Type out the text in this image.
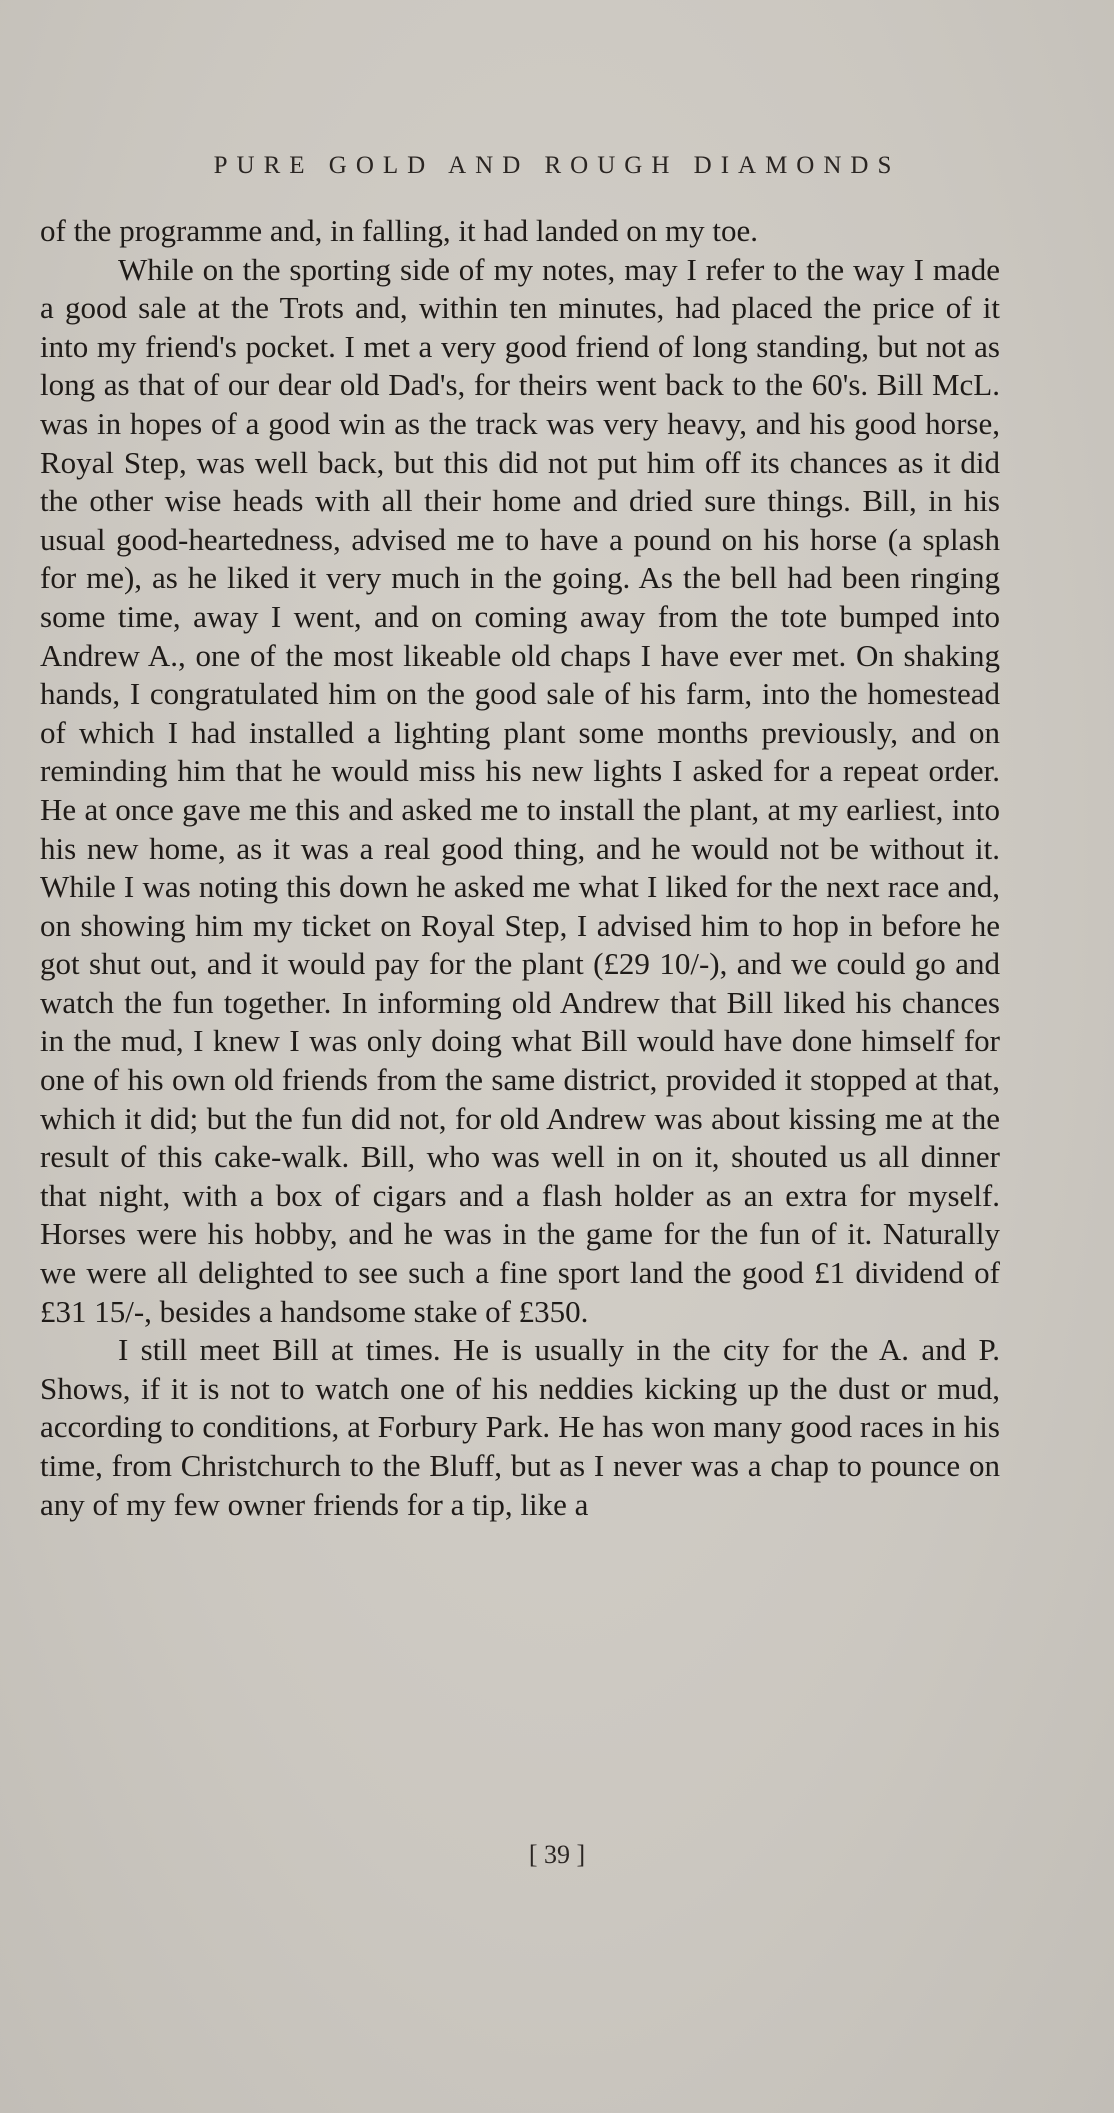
PURE GOLD AND ROUGH DIAMONDS

of the programme and, in falling, it had landed on my toe.

While on the sporting side of my notes, may I refer to the way I made a good sale at the Trots and, within ten minutes, had placed the price of it into my friend's pocket. I met a very good friend of long standing, but not as long as that of our dear old Dad's, for theirs went back to the 60's. Bill McL. was in hopes of a good win as the track was very heavy, and his good horse, Royal Step, was well back, but this did not put him off its chances as it did the other wise heads with all their home and dried sure things. Bill, in his usual good-heartedness, advised me to have a pound on his horse (a splash for me), as he liked it very much in the going. As the bell had been ringing some time, away I went, and on coming away from the tote bumped into Andrew A., one of the most likeable old chaps I have ever met. On shaking hands, I congratulated him on the good sale of his farm, into the homestead of which I had installed a lighting plant some months previously, and on reminding him that he would miss his new lights I asked for a repeat order. He at once gave me this and asked me to install the plant, at my earliest, into his new home, as it was a real good thing, and he would not be without it. While I was noting this down he asked me what I liked for the next race and, on showing him my ticket on Royal Step, I advised him to hop in before he got shut out, and it would pay for the plant (£29 10/-), and we could go and watch the fun together. In informing old Andrew that Bill liked his chances in the mud, I knew I was only doing what Bill would have done himself for one of his own old friends from the same district, provided it stopped at that, which it did; but the fun did not, for old Andrew was about kissing me at the result of this cake-walk. Bill, who was well in on it, shouted us all dinner that night, with a box of cigars and a flash holder as an extra for myself. Horses were his hobby, and he was in the game for the fun of it. Naturally we were all delighted to see such a fine sport land the good £1 dividend of £31 15/-, besides a handsome stake of £350.

I still meet Bill at times. He is usually in the city for the A. and P. Shows, if it is not to watch one of his neddies kicking up the dust or mud, according to conditions, at Forbury Park. He has won many good races in his time, from Christchurch to the Bluff, but as I never was a chap to pounce on any of my few owner friends for a tip, like a

[ 39 ]
